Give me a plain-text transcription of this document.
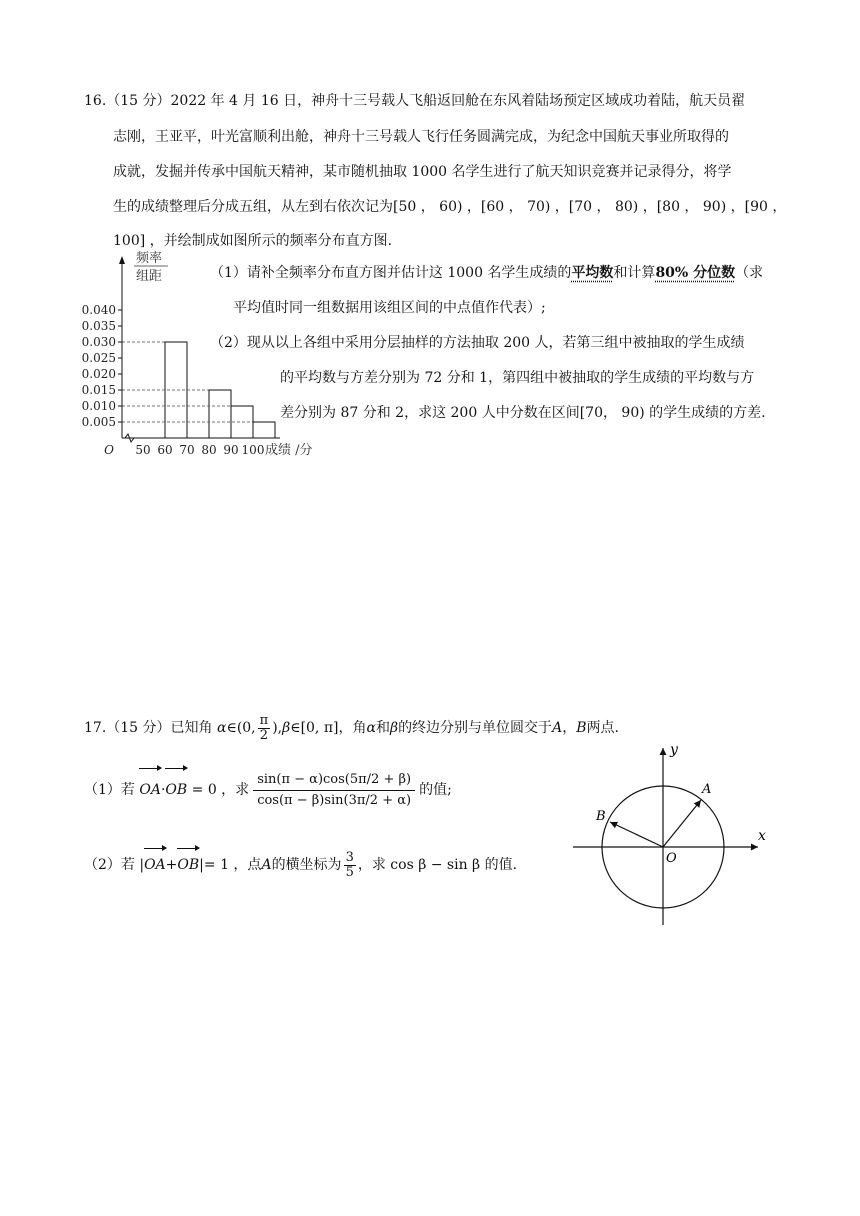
16.（15 分）2022 年 4 月 16 日，神舟十三号载人飞船返回舱在东风着陆场预定区域成功着陆，航天员翟
志刚，王亚平，叶光富顺利出舱，神舟十三号载人飞行任务圆满完成，为纪念中国航天事业所取得的
成就，发掘并传承中国航天精神，某市随机抽取 1000 名学生进行了航天知识竞赛并记录得分，将学
生的成绩整理后分成五组，从左到右依次记为[50 ， 60) ，[60 ， 70) ，[70 ， 80) ，[80 ， 90) ，[90 ，
100] ，并绘制成如图所示的频率分布直方图.
频率
组距
0.005
0.010
0.015
0.020
0.025
0.030
0.035
0.040
50 60 70 80 90 100
O	成绩 /分
（1）请补全频率分布直方图并估计这 1000 名学生成绩的平均数和计算80% 分位数（求
平均值时同一组数据用该组区间的中点值作代表）;
（2）现从以上各组中采用分层抽样的方法抽取 200 人，若第三组中被抽取的学生成绩
的平均数与方差分别为 72 分和 1，第四组中被抽取的学生成绩的平均数与方
差分别为 87 分和 2，求这 200 人中分数在区间[70， 90) 的学生成绩的方差.
17.（15 分）已知角 α∈(0, $\frac{\pi}{2}$ ),β∈[0, π]，角α和β的终边分别与单位圆交于A，B两点.
（1）若 OA·OB = 0 ，求 $\frac{\sin(\pi - \alpha)\cos(5\pi/2 + \beta)}{\cos(\pi - \beta)\sin(3\pi/2 + \alpha)}$ 的值;
（2）若 |OA+OB|= 1 ，点A的横坐标为 $\frac{3}{5}$ ，求 cos β − sin β 的值.
x
y
O
A
B
